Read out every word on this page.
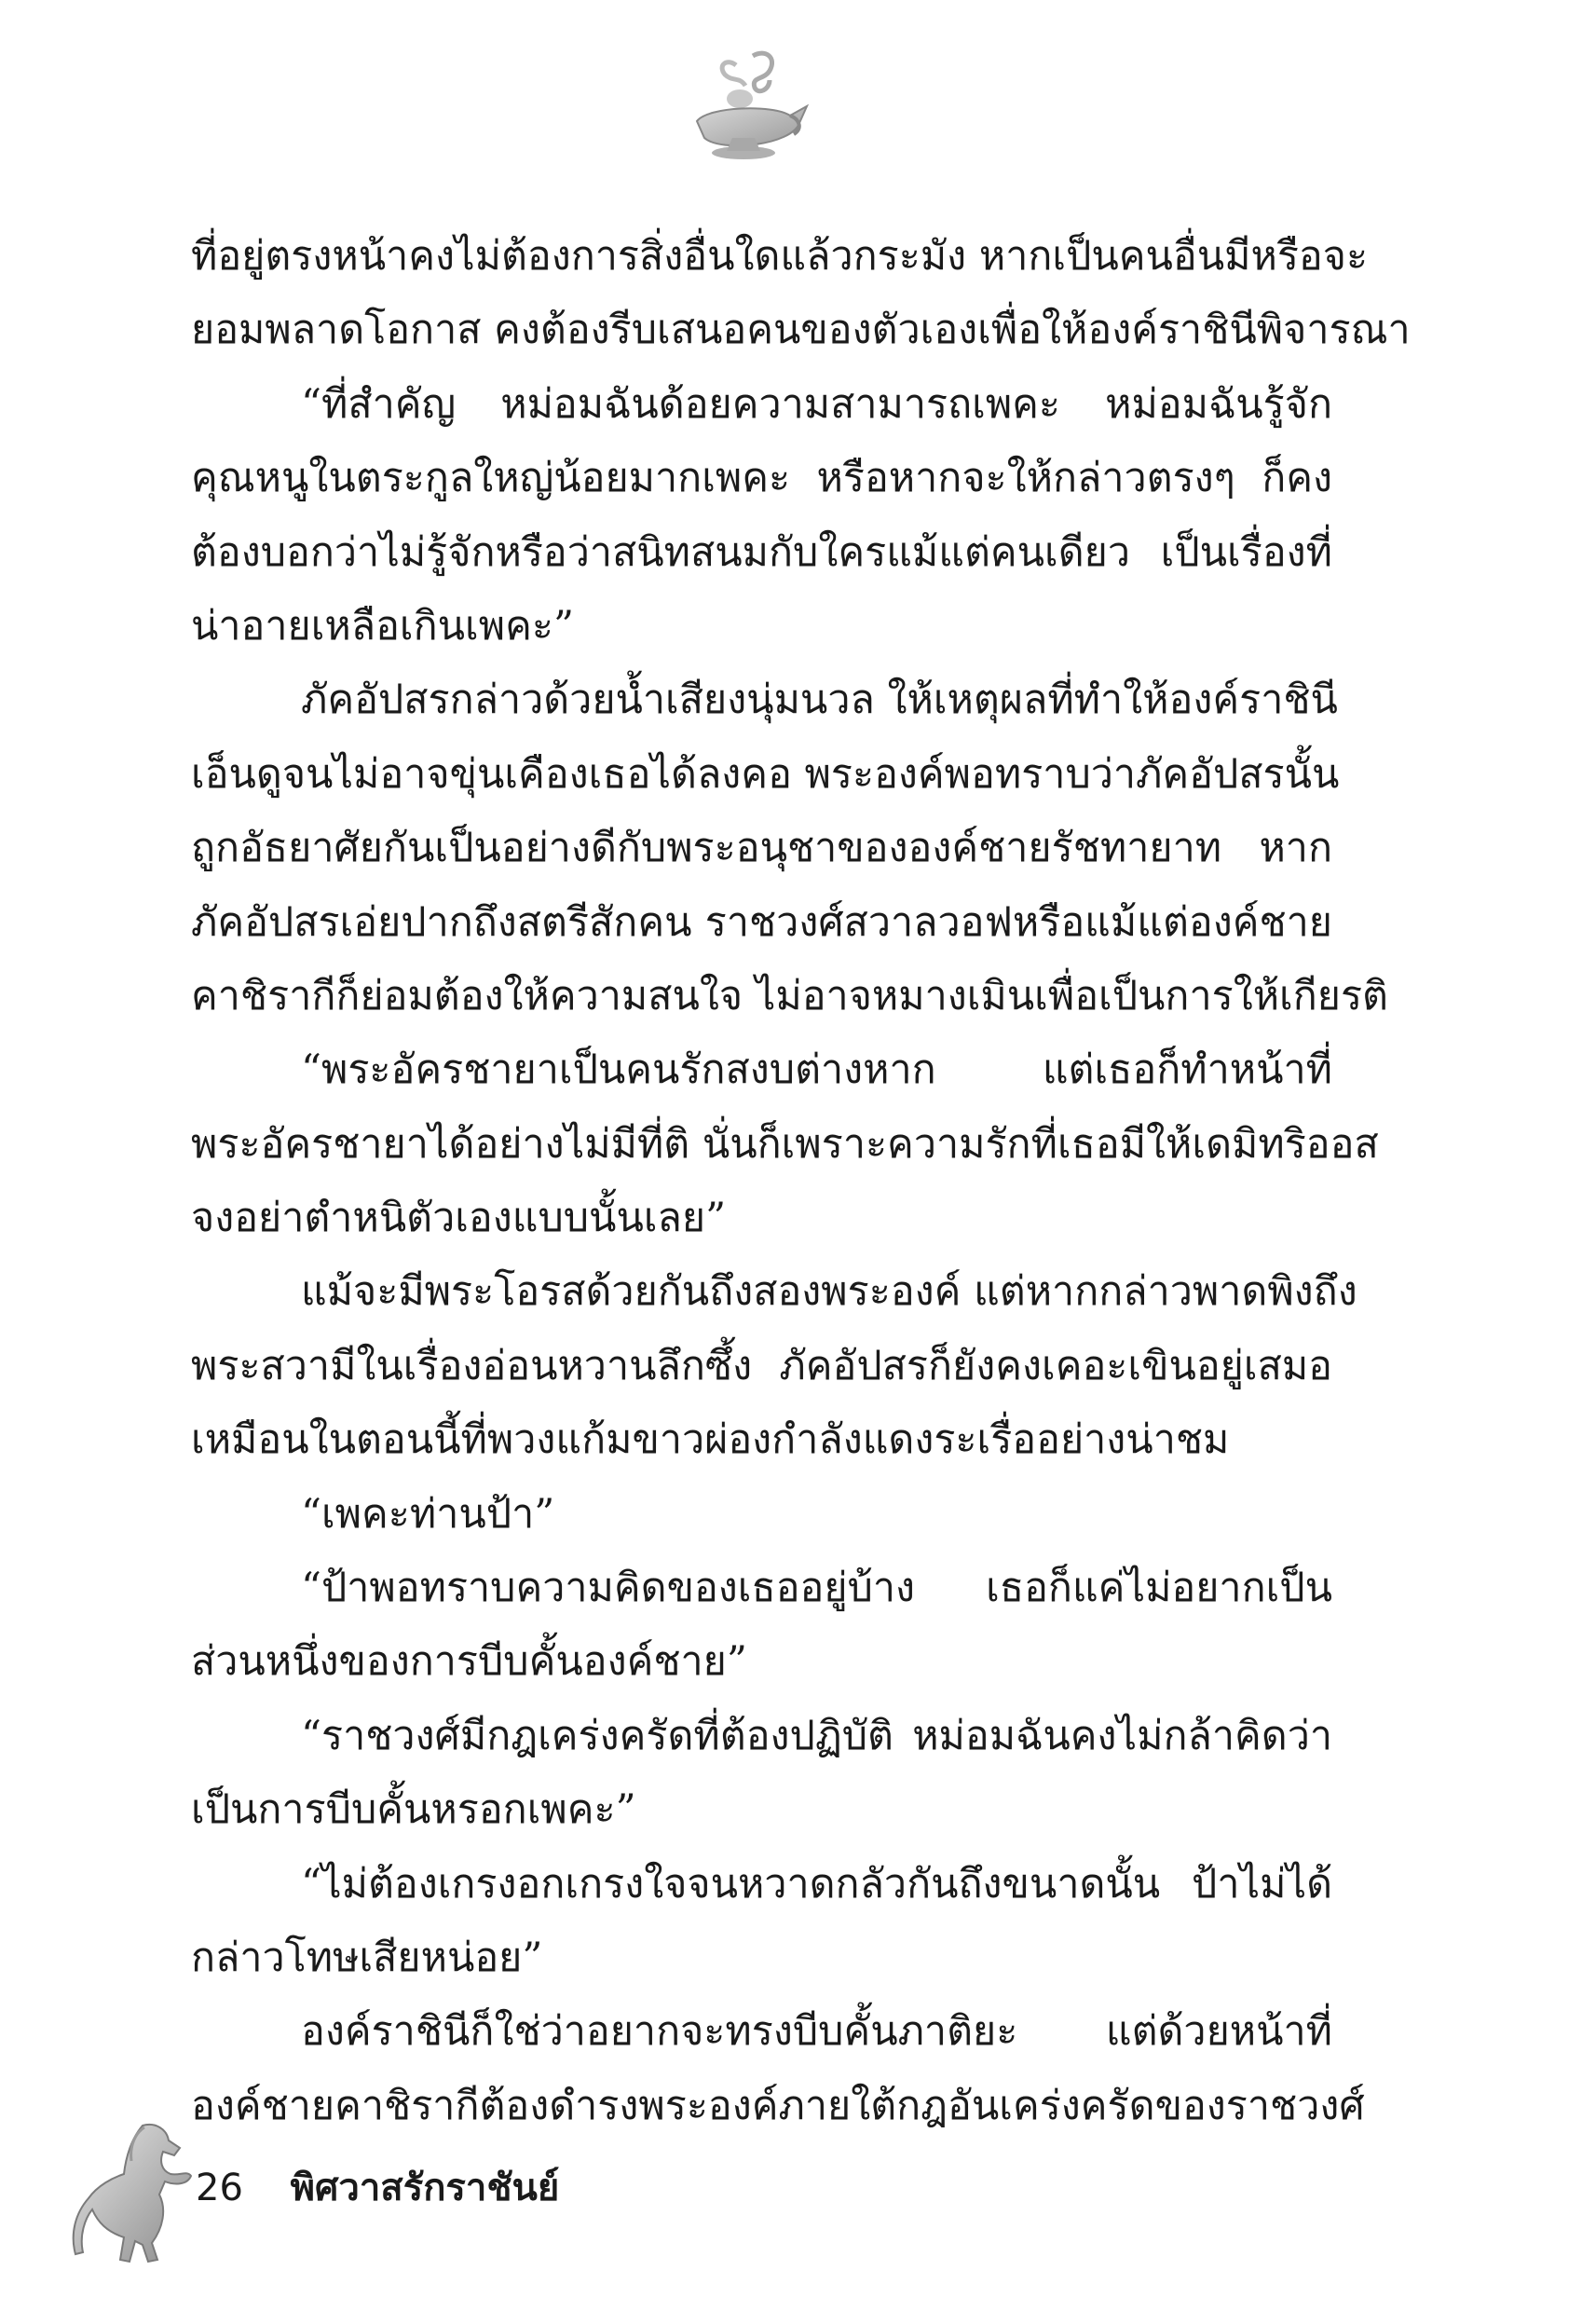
ที่อยู่ตรงหน้าคงไม่ต้องการสิ่งอื่นใดแล้วกระมัง หากเป็นคนอื่นมีหรือจะ
ยอมพลาดโอกาส คงต้องรีบเสนอคนของตัวเองเพื่อให้องค์ราชินีพิจารณา
“ที่สำคัญ หม่อมฉันด้อยความสามารถเพคะ หม่อมฉันรู้จัก
คุณหนูในตระกูลใหญ่น้อยมากเพคะ หรือหากจะให้กล่าวตรงๆ ก็คง
ต้องบอกว่าไม่รู้จักหรือว่าสนิทสนมกับใครแม้แต่คนเดียว เป็นเรื่องที่
น่าอายเหลือเกินเพคะ”
ภัคอัปสรกล่าวด้วยน้ำเสียงนุ่มนวล ให้เหตุผลที่ทำให้องค์ราชินี
เอ็นดูจนไม่อาจขุ่นเคืองเธอได้ลงคอ พระองค์พอทราบว่าภัคอัปสรนั้น
ถูกอัธยาศัยกันเป็นอย่างดีกับพระอนุชาขององค์ชายรัชทายาท หาก
ภัคอัปสรเอ่ยปากถึงสตรีสักคน ราชวงศ์สวาลวอฟหรือแม้แต่องค์ชาย
คาชิรากีก็ย่อมต้องให้ความสนใจ ไม่อาจหมางเมินเพื่อเป็นการให้เกียรติ
“พระอัครชายาเป็นคนรักสงบต่างหาก แต่เธอก็ทำหน้าที่
พระอัครชายาได้อย่างไม่มีที่ติ นั่นก็เพราะความรักที่เธอมีให้เดมิทริออส
จงอย่าตำหนิตัวเองแบบนั้นเลย”
แม้จะมีพระโอรสด้วยกันถึงสองพระองค์ แต่หากกล่าวพาดพิงถึง
พระสวามีในเรื่องอ่อนหวานลึกซึ้ง ภัคอัปสรก็ยังคงเคอะเขินอยู่เสมอ
เหมือนในตอนนี้ที่พวงแก้มขาวผ่องกำลังแดงระเรื่ออย่างน่าชม
“เพคะท่านป้า”
“ป้าพอทราบความคิดของเธออยู่บ้าง เธอก็แค่ไม่อยากเป็น
ส่วนหนึ่งของการบีบคั้นองค์ชาย”
“ราชวงศ์มีกฎเคร่งครัดที่ต้องปฏิบัติ หม่อมฉันคงไม่กล้าคิดว่า
เป็นการบีบคั้นหรอกเพคะ”
“ไม่ต้องเกรงอกเกรงใจจนหวาดกลัวกันถึงขนาดนั้น ป้าไม่ได้
กล่าวโทษเสียหน่อย”
องค์ราชินีก็ใช่ว่าอยากจะทรงบีบคั้นภาติยะ แต่ด้วยหน้าที่
องค์ชายคาชิรากีต้องดำรงพระองค์ภายใต้กฎอันเคร่งครัดของราชวงศ์
26 พิศวาสรักราชันย์
